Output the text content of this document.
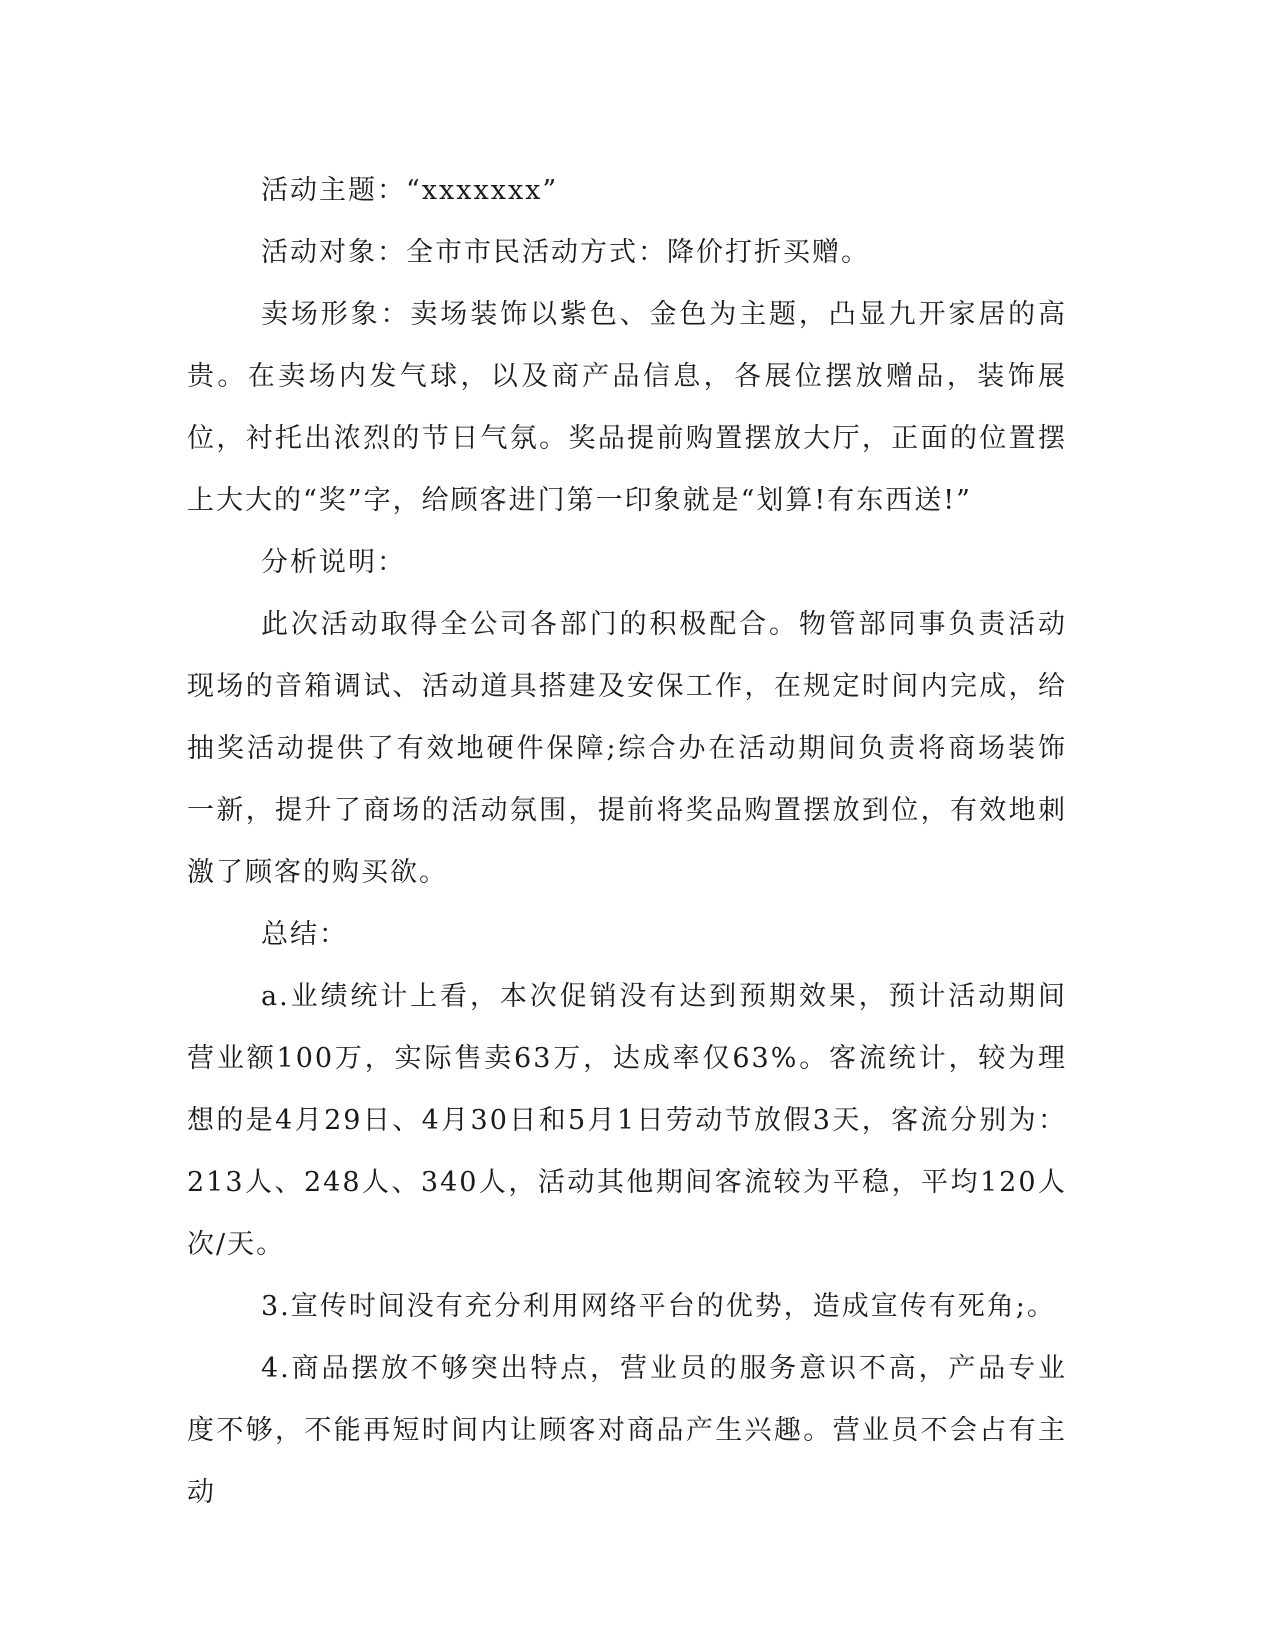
活动主题：“xxxxxxx”

活动对象：全市市民活动方式：降价打折买赠。

卖场形象：卖场装饰以紫色、金色为主题，凸显九开家居的高贵。在卖场内发气球，以及商产品信息，各展位摆放赠品，装饰展位，衬托出浓烈的节日气氛。奖品提前购置摆放大厅，正面的位置摆上大大的“奖”字，给顾客进门第一印象就是“划算!有东西送!”

分析说明：

此次活动取得全公司各部门的积极配合。物管部同事负责活动现场的音箱调试、活动道具搭建及安保工作，在规定时间内完成，给抽奖活动提供了有效地硬件保障;综合办在活动期间负责将商场装饰一新，提升了商场的活动氛围，提前将奖品购置摆放到位，有效地刺激了顾客的购买欲。

总结：

a.业绩统计上看，本次促销没有达到预期效果，预计活动期间营业额100万，实际售卖63万，达成率仅63%。客流统计，较为理想的是4月29日、4月30日和5月1日劳动节放假3天，客流分别为：213人、248人、340人，活动其他期间客流较为平稳，平均120人次/天。

3.宣传时间没有充分利用网络平台的优势，造成宣传有死角;。

4.商品摆放不够突出特点，营业员的服务意识不高，产品专业度不够，不能再短时间内让顾客对商品产生兴趣。营业员不会占有主动
